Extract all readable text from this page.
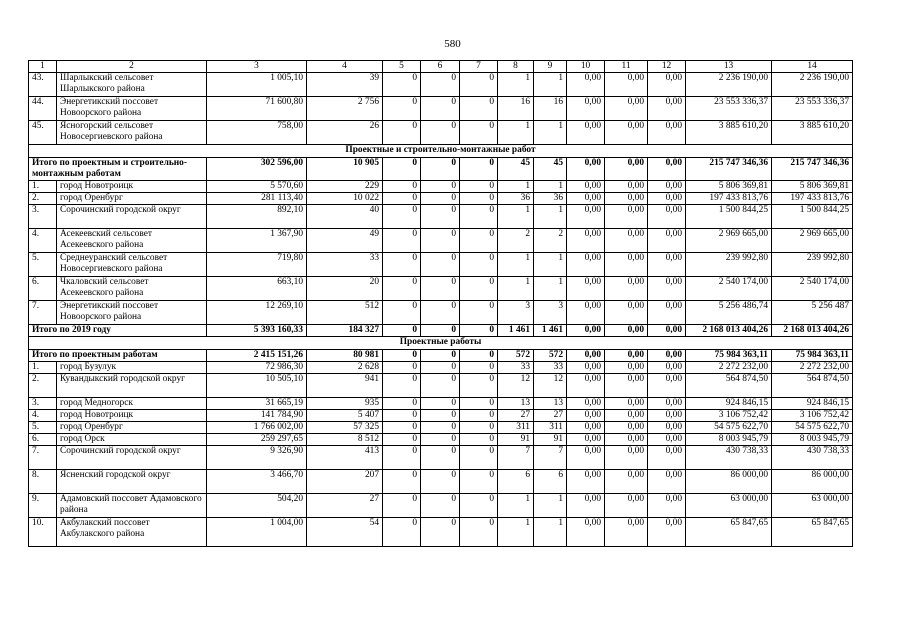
580
1	2	3	4	5	6	7	8	9	10	11	12	13	14
43.	Шарлыкский сельсовет Шарлыкского района	1 005,10	39	0	0	0	1	1	0,00	0,00	0,00	2 236 190,00	2 236 190,00
44.	Энергетикский поссовет Новоорского района	71 600,80	2 756	0	0	0	16	16	0,00	0,00	0,00	23 553 336,37	23 553 336,37
45.	Ясногорский сельсовет Новосергиевского района	758,00	26	0	0	0	1	1	0,00	0,00	0,00	3 885 610,20	3 885 610,20
Проектные и строительно-монтажные работ													
Итого по проектным и строительно-монтажным работам		302 596,00	10 905	0	0	0	45	45	0,00	0,00	0,00	215 747 346,36	215 747 346,36
1.	город Новотроицк	5 570,60	229	0	0	0	1	1	0,00	0,00	0,00	5 806 369,81	5 806 369,81
2.	город Оренбург	281 113,40	10 022	0	0	0	36	36	0,00	0,00	0,00	197 433 813,76	197 433 813,76
3.	Сорочинский городской округ	892,10	40	0	0	0	1	1	0,00	0,00	0,00	1 500 844,25	1 500 844,25
4.	Асекеевский сельсовет Асекеевского района	1 367,90	49	0	0	0	2	2	0,00	0,00	0,00	2 969 665,00	2 969 665,00
5.	Среднеуранский сельсовет Новосергиевского района	719,80	33	0	0	0	1	1	0,00	0,00	0,00	239 992,80	239 992,80
6.	Чкаловский сельсовет Асекеевского района	663,10	20	0	0	0	1	1	0,00	0,00	0,00	2 540 174,00	2 540 174,00
7.	Энергетикский поссовет Новоорского района	12 269,10	512	0	0	0	3	3	0,00	0,00	0,00	5 256 486,74	5 256 487
Итого по 2019 году		5 393 160,33	184 327	0	0	0	1 461	1 461	0,00	0,00	0,00	2 168 013 404,26	2 168 013 404,26
Проектные работы													
Итого по проектным работам		2 415 151,26	80 981	0	0	0	572	572	0,00	0,00	0,00	75 984 363,11	75 984 363,11
1.	город Бузулук	72 986,30	2 628	0	0	0	33	33	0,00	0,00	0,00	2 272 232,00	2 272 232,00
2.	Кувандыкский городской округ	10 505,10	941	0	0	0	12	12	0,00	0,00	0,00	564 874,50	564 874,50
3.	город Медногорск	31 665,19	935	0	0	0	13	13	0,00	0,00	0,00	924 846,15	924 846,15
4.	город Новотроицк	141 784,90	5 407	0	0	0	27	27	0,00	0,00	0,00	3 106 752,42	3 106 752,42
5.	город Оренбург	1 766 002,00	57 325	0	0	0	311	311	0,00	0,00	0,00	54 575 622,70	54 575 622,70
6.	город Орск	259 297,65	8 512	0	0	0	91	91	0,00	0,00	0,00	8 003 945,79	8 003 945,79
7.	Сорочинский городской округ	9 326,90	413	0	0	0	7	7	0,00	0,00	0,00	430 738,33	430 738,33
8.	Ясненский городской округ	3 466,70	207	0	0	0	6	6	0,00	0,00	0,00	86 000,00	86 000,00
9.	Адамовский поссовет Адамовского района	504,20	27	0	0	0	1	1	0,00	0,00	0,00	63 000,00	63 000,00
10.	Акбулакский поссовет Акбулакского района	1 004,00	54	0	0	0	1	1	0,00	0,00	0,00	65 847,65	65 847,65
